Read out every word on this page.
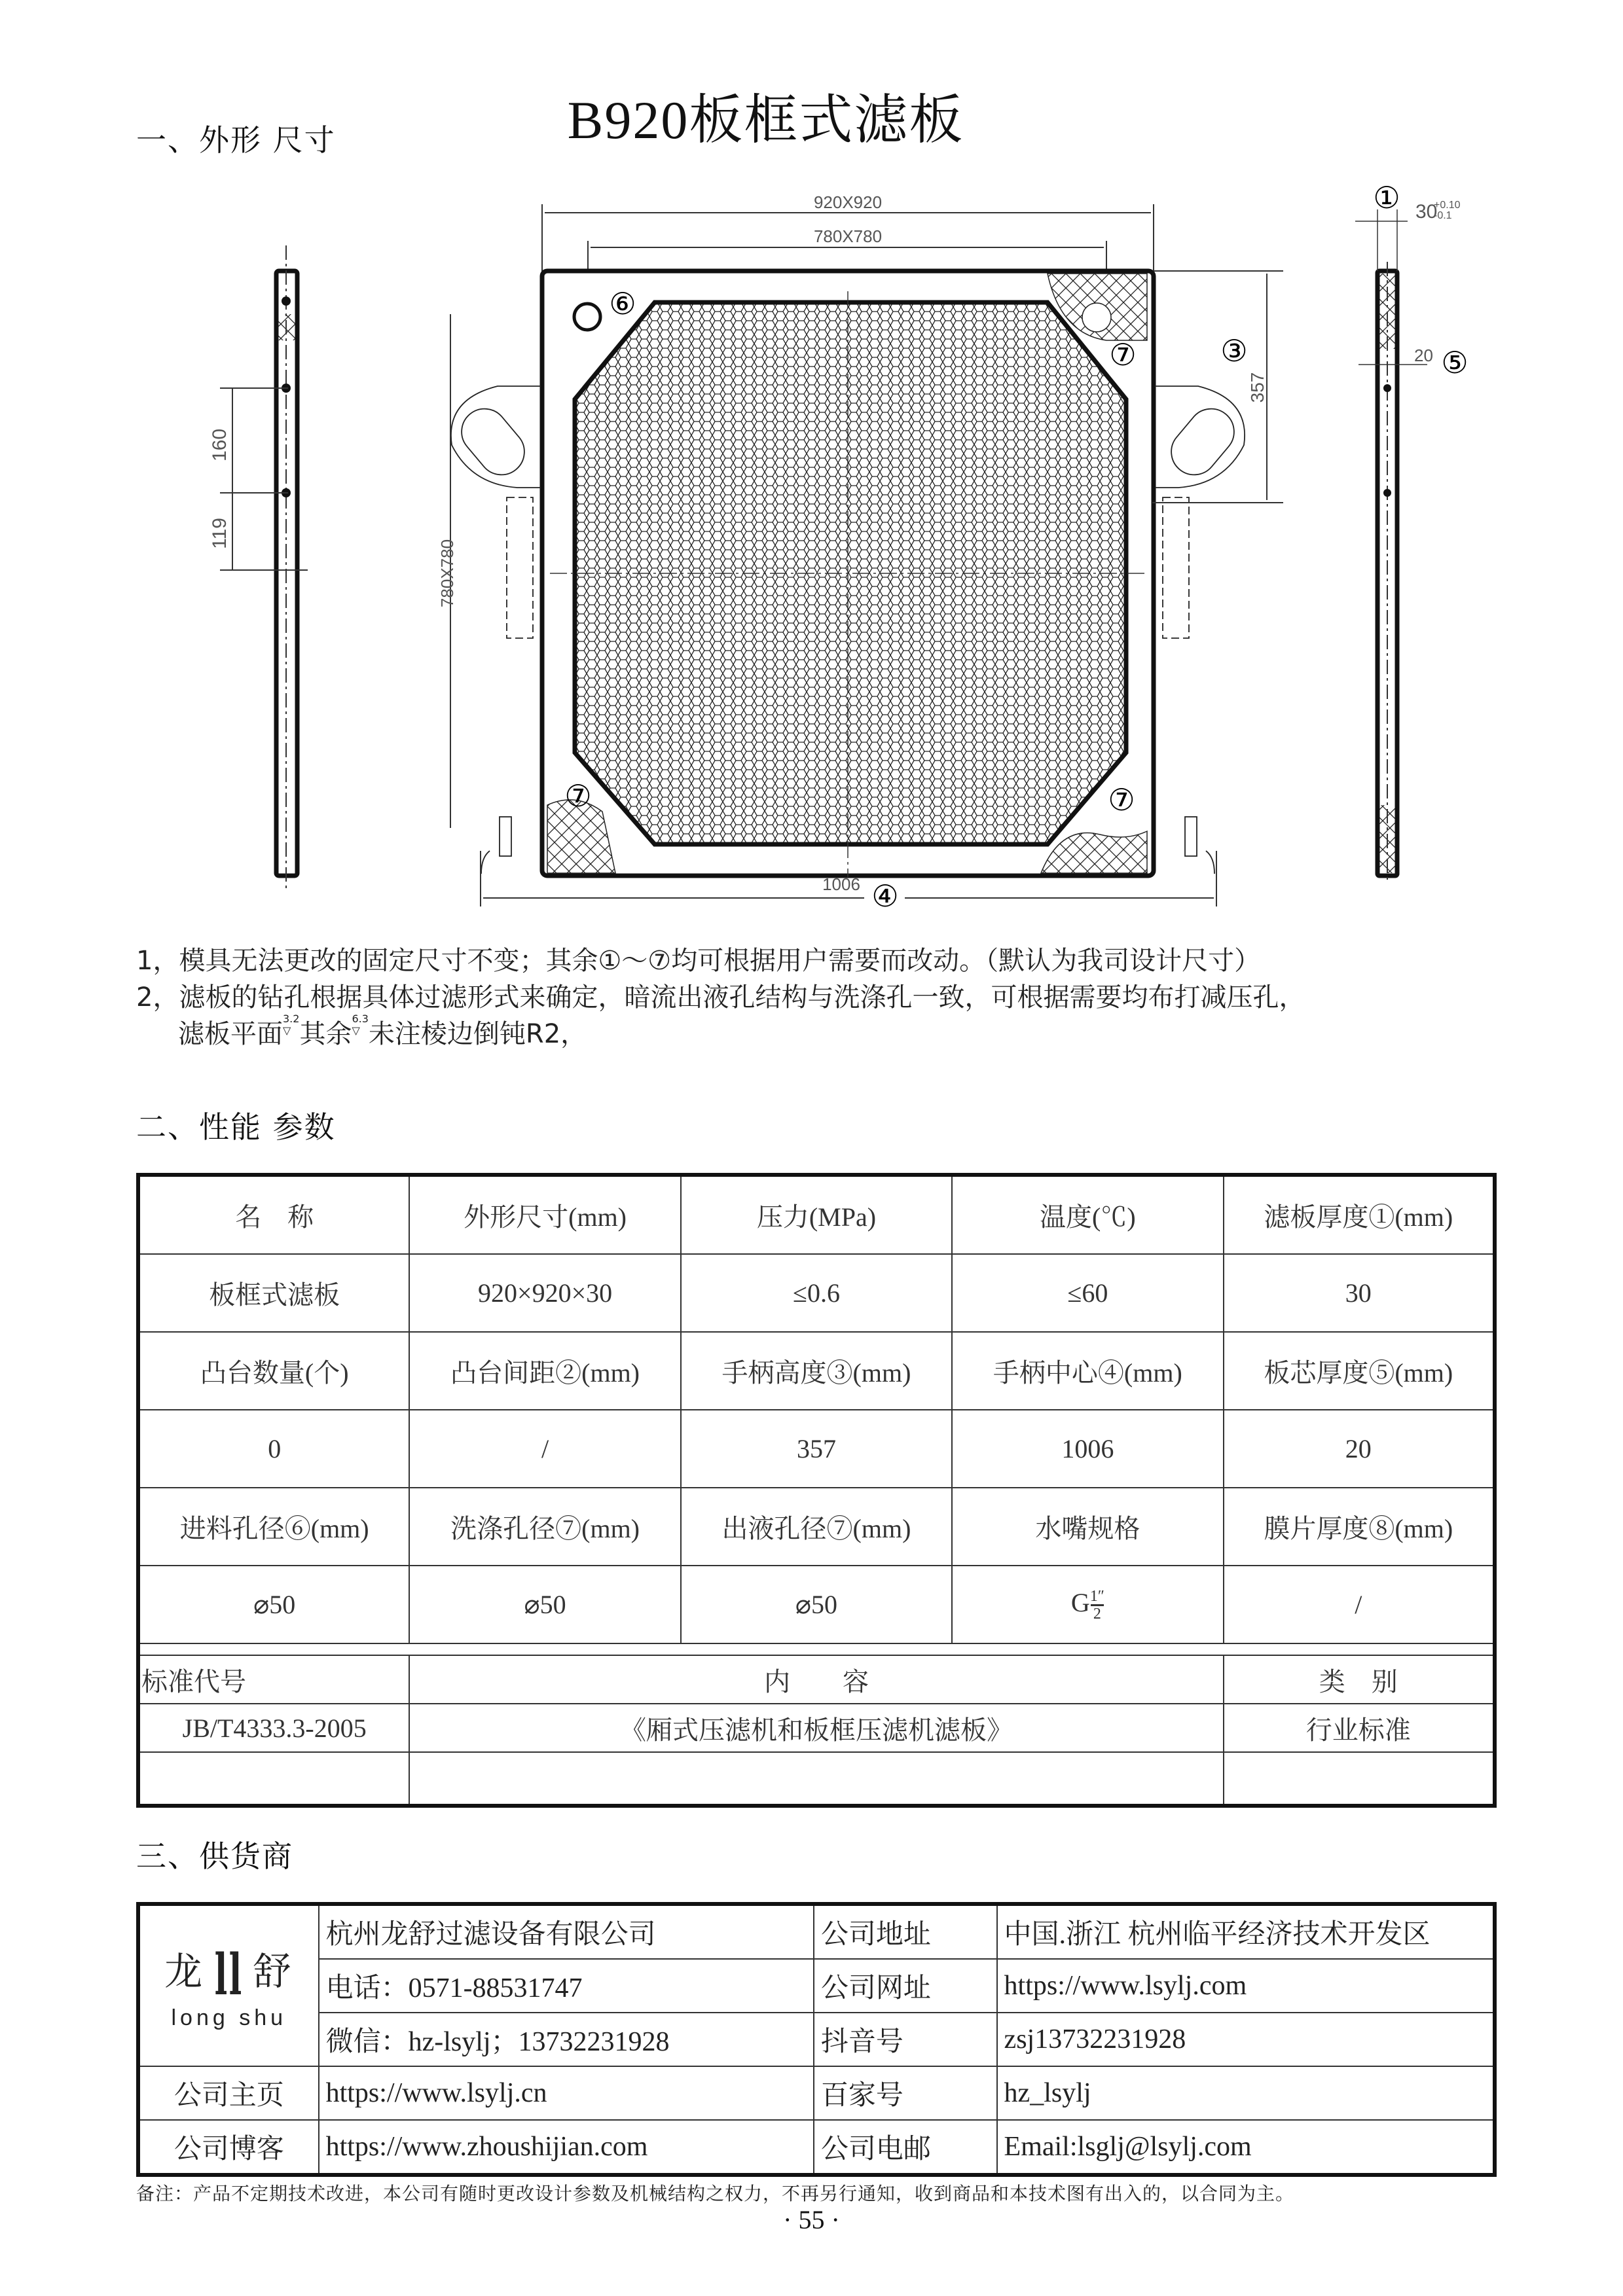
B920板框式滤板
一、外形 尺寸
160
119
920X920
780X780
⑥
⑦
⑦	⑦
780X780
357
③
1006 ④
① 30
+0.10
-0.1
20 ⑤
1，模具无法更改的固定尺寸不变；其余①～⑦均可根据用户需要而改动。（默认为我司设计尺寸）
2，滤板的钻孔根据具体过滤形式来确定，暗流出液孔结构与洗涤孔一致，可根据需要均布打减压孔，
滤板平面3.2
▽ 其余6.3
▽ 未注棱边倒钝R2，
二、性能 参数
名　称	外形尺寸(mm)	压力(MPa)	温度(℃)	滤板厚度①(mm)
板框式滤板	920×920×30	≤0.6	≤60	30
凸台数量(个)	凸台间距②(mm)	手柄高度③(mm)	手柄中心④(mm)	板芯厚度⑤(mm)
0	/	357	1006	20
进料孔径⑥(mm)	洗涤孔径⑦(mm)	出液孔径⑦(mm)	水嘴规格	膜片厚度⑧(mm)
⌀50	⌀50	⌀50	G $\frac{1''}{2}$	/

标准代号	内　　容			类　别
JB/T4333.3-2005	《厢式压滤机和板框压滤机滤板》			行业标准

三、供货商
龙 ll 舒
long shu	杭州龙舒过滤设备有限公司	公司地址	中国.浙江 杭州临平经济技术开发区
	电话：0571-88531747	公司网址	https://www.lsylj.com
	微信：hz-lsylj；13732231928	抖音号	zsj13732231928
公司主页	https://www.lsylj.cn	百家号	hz_lsylj
公司博客	https://www.zhoushijian.com	公司电邮	Email:lsglj@lsylj.com
备注：产品不定期技术改进，本公司有随时更改设计参数及机械结构之权力，不再另行通知，收到商品和本技术图有出入的，以合同为主。
· 55 ·
